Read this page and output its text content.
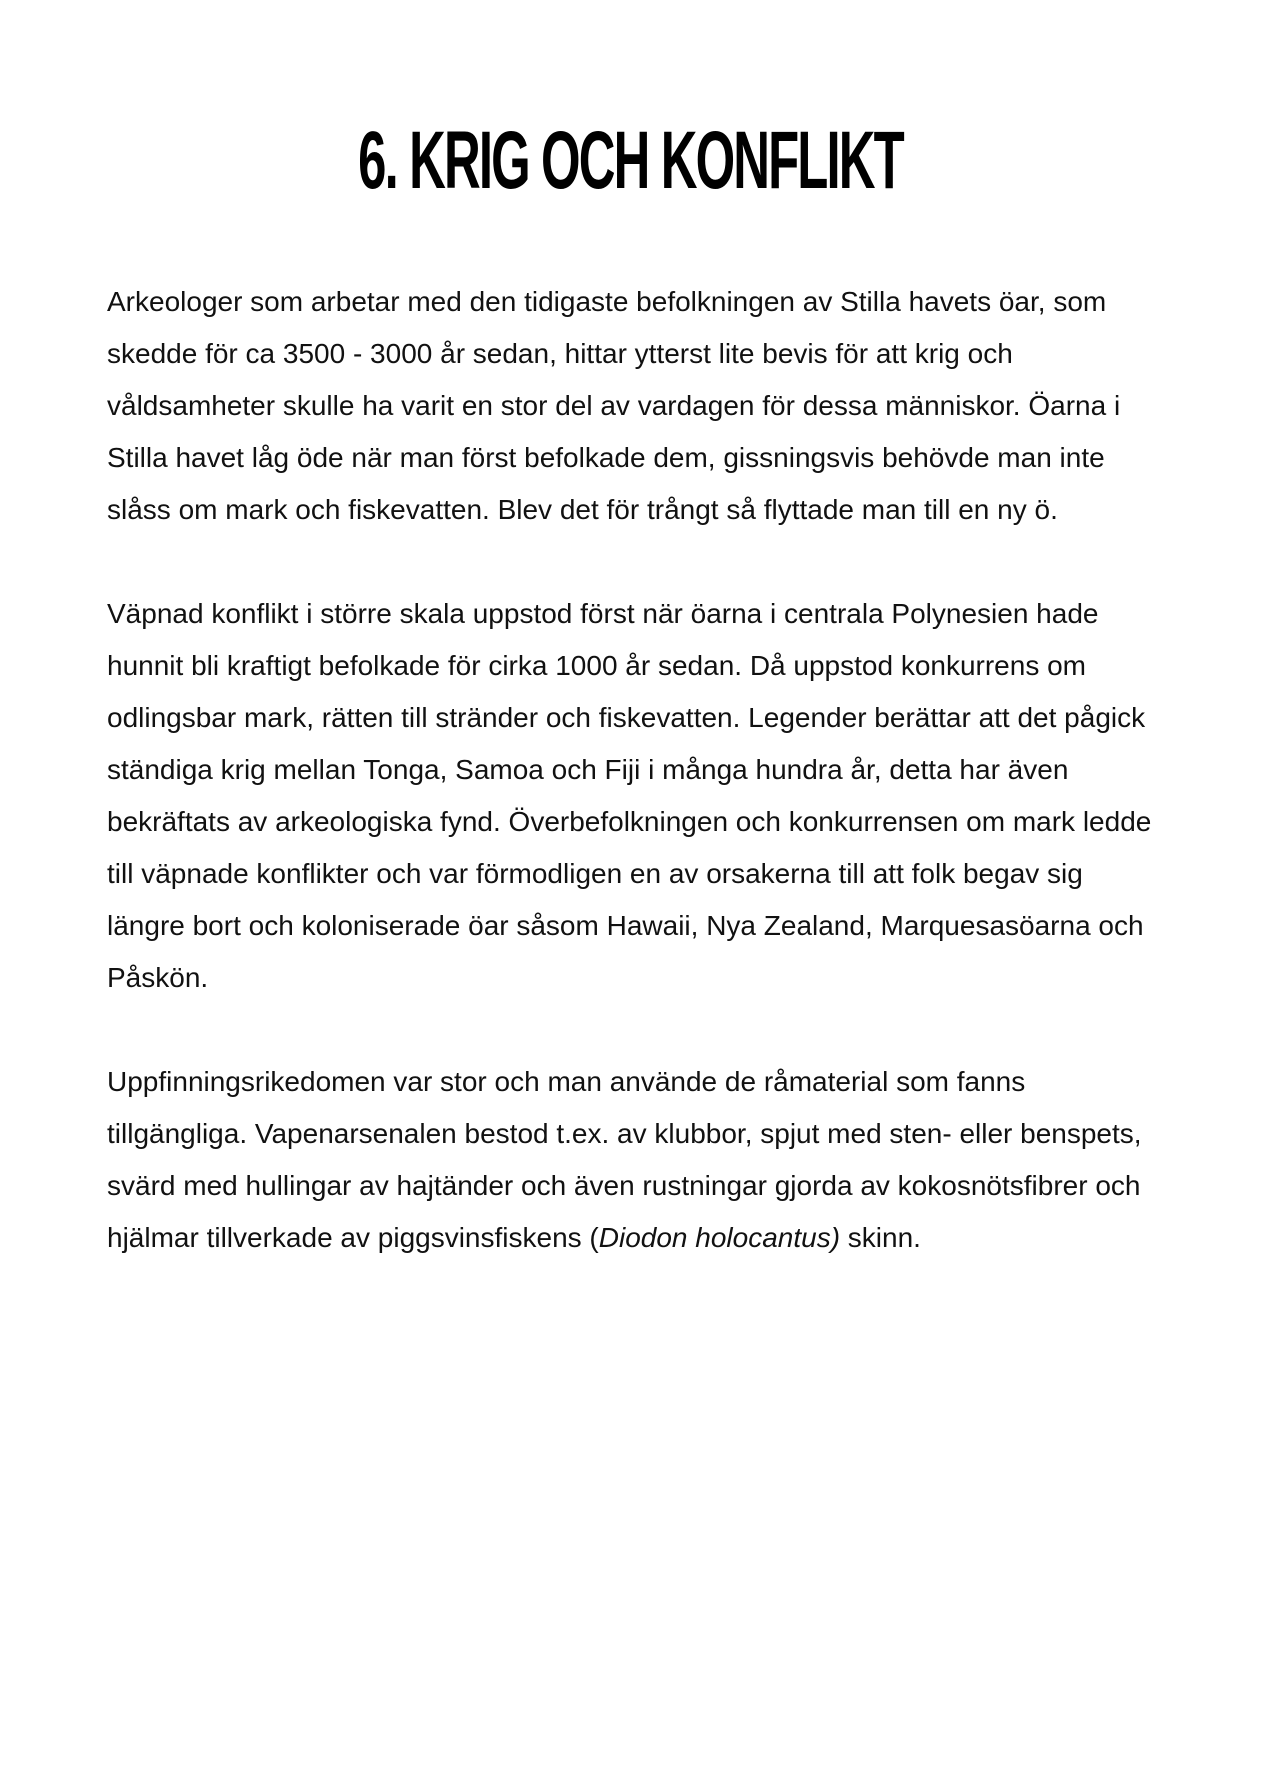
6. KRIG OCH KONFLIKT

Arkeologer som arbetar med den tidigaste befolkningen av Stilla havets öar, som skedde för ca 3500 - 3000 år sedan, hittar ytterst lite bevis för att krig och våldsamheter skulle ha varit en stor del av vardagen för dessa människor. Öarna i Stilla havet låg öde när man först befolkade dem, gissningsvis behövde man inte slåss om mark och fiskevatten. Blev det för trångt så flyttade man till en ny ö.

Väpnad konflikt i större skala uppstod först när öarna i centrala Polynesien hade hunnit bli kraftigt befolkade för cirka 1000 år sedan. Då uppstod konkurrens om odlingsbar mark, rätten till stränder och fiskevatten. Legender berättar att det pågick ständiga krig mellan Tonga, Samoa och Fiji i många hundra år, detta har även bekräftats av arkeologiska fynd. Överbefolkningen och konkurrensen om mark ledde till väpnade konflikter och var förmodligen en av orsakerna till att folk begav sig längre bort och koloniserade öar såsom Hawaii, Nya Zealand, Marquesasöarna och Påskön.

Uppfinningsrikedomen var stor och man använde de råmaterial som fanns tillgängliga. Vapenarsenalen bestod t.ex. av klubbor, spjut med sten- eller benspets, svärd med hullingar av hajtänder och även rustningar gjorda av kokosnötsfibrer och hjälmar tillverkade av piggsvinsfiskens (Diodon holocantus) skinn.
